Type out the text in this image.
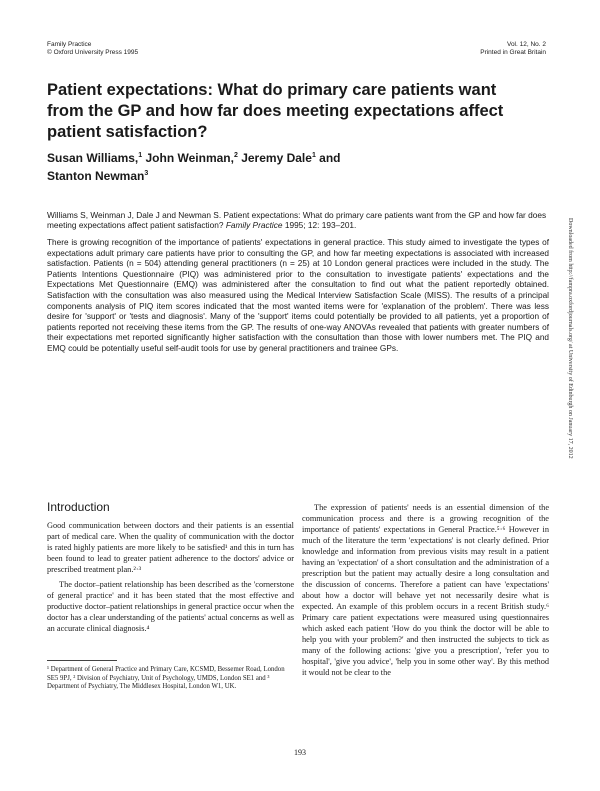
Family Practice
© Oxford University Press 1995
Vol. 12, No. 2
Printed in Great Britain
Patient expectations: What do primary care patients want from the GP and how far does meeting expectations affect patient satisfaction?
Susan Williams,$^1$ John Weinman,$^2$ Jeremy Dale$^1$ and
Stanton Newman$^3$
Williams S, Weinman J, Dale J and Newman S. Patient expectations: What do primary care patients want from the GP and how far does meeting expectations affect patient satisfaction? Family Practice 1995; 12: 193–201.
There is growing recognition of the importance of patients' expectations in general practice. This study aimed to investigate the types of expectations adult primary care patients have prior to consulting the GP, and how far meeting expectations is associated with increased satisfaction. Patients (n = 504) attending general practitioners (n = 25) at 10 London general practices were included in the study. The Patients Intentions Questionnaire (PIQ) was administered prior to the consultation to investigate patients' expectations and the Expectations Met Questionnaire (EMQ) was administered after the consultation to find out what the patient reportedly obtained. Satisfaction with the consultation was also measured using the Medical Interview Satisfaction Scale (MISS). The results of a principal components analysis of PIQ item scores indicated that the most wanted items were for 'explanation of the problem'. There was less desire for 'support' or 'tests and diagnosis'. Many of the 'support' items could potentially be provided to all patients, yet a proportion of patients reported not receiving these items from the GP. The results of one-way ANOVAs revealed that patients with greater numbers of their expectations met reported significantly higher satisfaction with the consultation than those with lower numbers met. The PIQ and EMQ could be potentially useful self-audit tools for use by general practitioners and trainee GPs.	Downloaded from http://fampra.oxfordjournals.org/ at University of Edinburgh on January 17, 2012
Introduction

Good communication between doctors and their patients is an essential part of medical care. When the quality of communication with the doctor is rated highly patients are more likely to be satisfied¹ and this in turn has been found to lead to greater patient adherence to the doctors' advice or prescribed treatment plan.²·³

The doctor–patient relationship has been described as the 'cornerstone of general practice' and it has been stated that the most effective and productive doctor–patient relationships in general practice occur when the doctor has a clear understanding of the patients' actual concerns as well as an accurate clinical diagnosis.⁴

The expression of patients' needs is an essential dimension of the communication process and there is a growing recognition of the importance of patients' expectations in General Practice.⁵·⁶ However in much of the literature the term 'expectations' is not clearly defined. Prior knowledge and information from previous visits may result in a patient having an 'expectation' of a short consultation and the administration of a prescription but the patient may actually desire a long consultation and the discussion of concerns. Therefore a patient can have 'expectations' about how a doctor will behave yet not necessarily desire what is expected. An example of this problem occurs in a recent British study.⁶ Primary care patient expectations were measured using questionnaires which asked each patient 'How do you think the doctor will be able to help you with your problem?' and then instructed the subjects to tick as many of the following actions: 'give you a prescription', 'refer you to hospital', 'give you advice', 'help you in some other way'. By this method it would not be clear to the

¹ Department of General Practice and Primary Care, KCSMD, Bessemer Road, London SE5 9PJ, ² Division of Psychiatry, Unit of Psychology, UMDS, London SE1 and ³ Department of Psychiatry, The Middlesex Hospital, London W1, UK.
193
